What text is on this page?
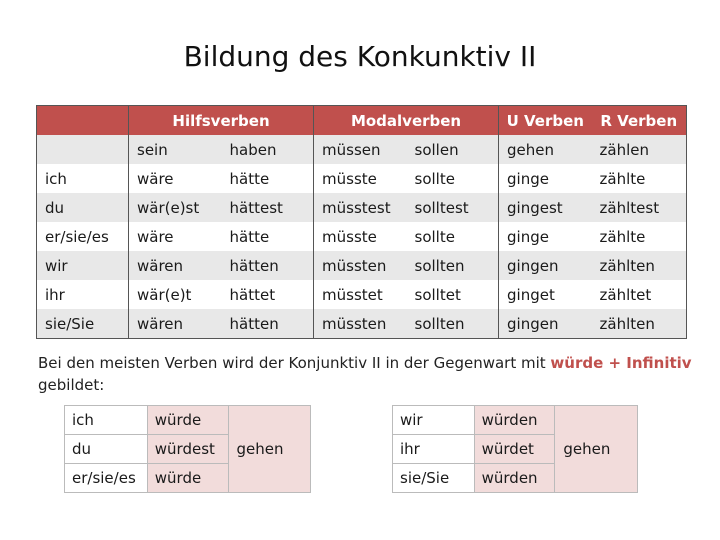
Bildung des Konkunktiv II
	Hilfsverben		Modalverben		U Verben	R Verben
	sein	haben	müssen	sollen	gehen	zählen
ich	wäre	hätte	müsste	sollte	ginge	zählte
du	wär(e)st	hättest	müsstest	solltest	gingest	zähltest
er/sie/es	wäre	hätte	müsste	sollte	ginge	zählte
wir	wären	hätten	müssten	sollten	gingen	zählten
ihr	wär(e)t	hättet	müsstet	solltet	ginget	zähltet
sie/Sie	wären	hätten	müssten	sollten	gingen	zählten
Bei den meisten Verben wird der Konjunktiv II in der Gegenwart mit würde + Infinitiv
gebildet:
ich	würde	gehen
du	würdest	
er/sie/es	würde	
wir	würden	gehen
ihr	würdet	
sie/Sie	würden	
